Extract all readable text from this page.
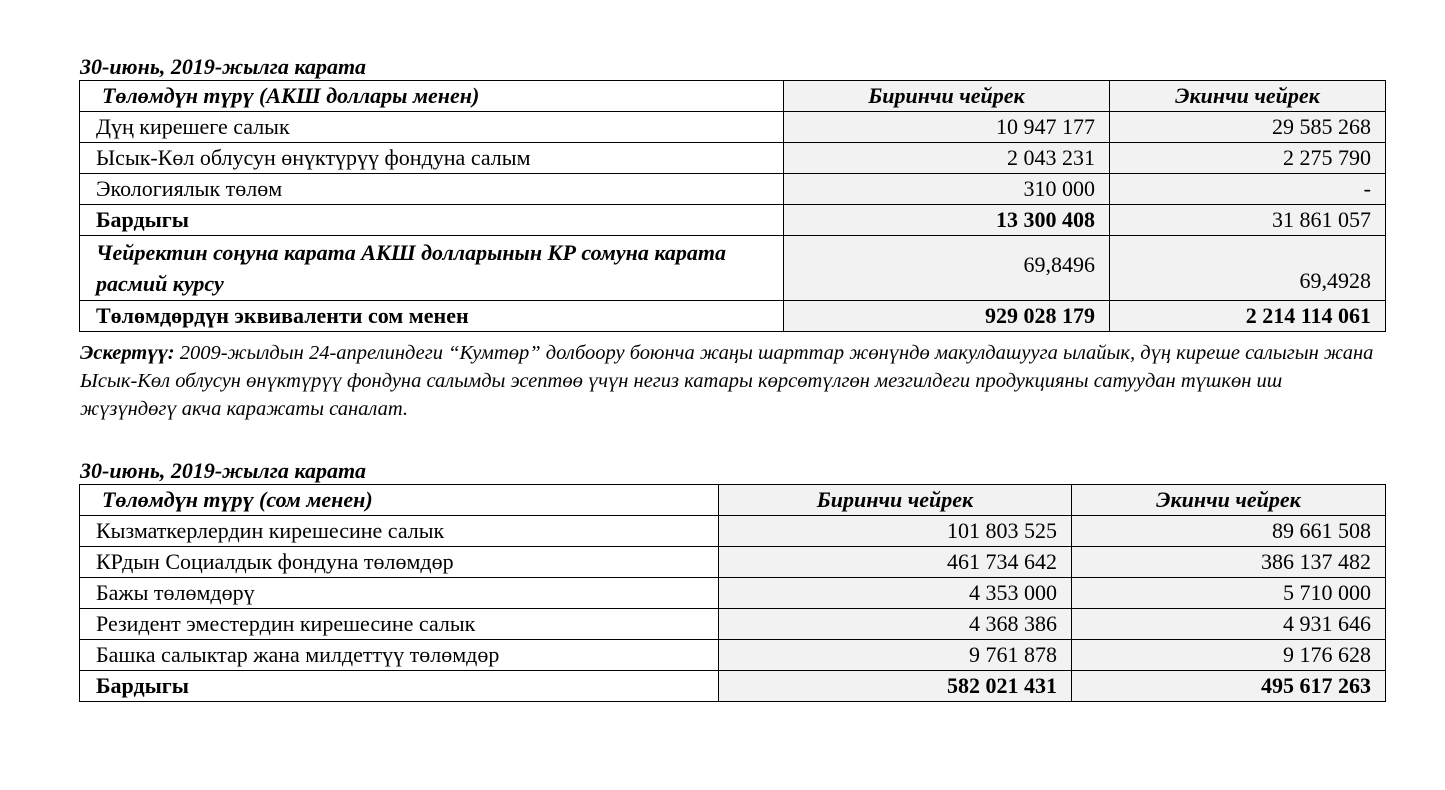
30-июнь, 2019-жылга карата
Төлөмдүн түрү (АКШ доллары менен)	Биринчи чейрек	Экинчи чейрек
Дүң кирешеге салык	10 947 177	29 585 268
Ысык-Көл облусун өнүктүрүү фондуна салым	2 043 231	2 275 790
Экологиялык төлөм	310 000	-
Бардыгы	13 300 408	31 861 057
Чейректин соңуна карата АКШ долларынын КР сомуна карата расмий курсу	69,8496	69,4928
Төлөмдөрдүн эквиваленти сом менен	929 028 179	2 214 114 061
Эскертүү: 2009-жылдын 24-апрелиндеги “Кумтөр” долбоору боюнча жаңы шарттар жөнүндө макулдашууга ылайык, дүң киреше салыгын жана Ысык-Көл облусун өнүктүрүү фондуна салымды эсептөө үчүн негиз катары көрсөтүлгөн мезгилдеги продукцияны сатуудан түшкөн иш жүзүндөгү акча каражаты саналат.
30-июнь, 2019-жылга карата
Төлөмдүн түрү (сом менен)	Биринчи чейрек	Экинчи чейрек
Кызматкерлердин кирешесине салык	101 803 525	89 661 508
КРдын Социалдык фондуна төлөмдөр	461 734 642	386 137 482
Бажы төлөмдөрү	4 353 000	5 710 000
Резидент эместердин кирешесине салык	4 368 386	4 931 646
Башка салыктар жана милдеттүү төлөмдөр	9 761 878	9 176 628
Бардыгы	582 021 431	495 617 263
